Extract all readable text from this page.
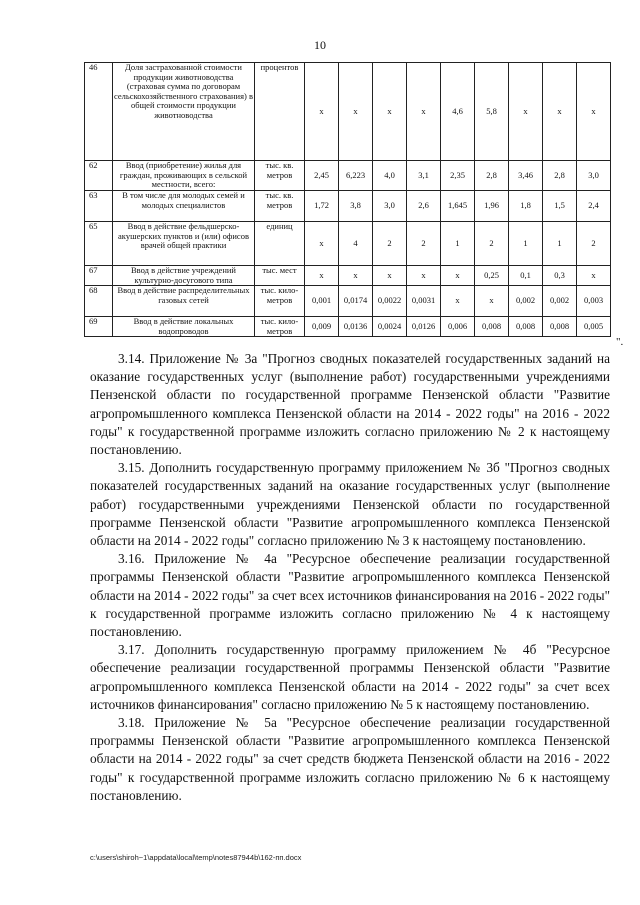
10
46	Доля застрахованной стоимости продукции животноводства (страховая сумма по договорам сельскохозяйственного страхования) в общей стоимости продукции животноводства	процентов	х	х	х	х	4,6	5,8	х	х	х
62	Ввод (приобретение) жилья для граждан, проживающих в сельской местности, всего:	тыс. кв. метров	2,45	6,223	4,0	3,1	2,35	2,8	3,46	2,8	3,0
63	В том числе для молодых семей и молодых специалистов	тыс. кв. метров	1,72	3,8	3,0	2,6	1,645	1,96	1,8	1,5	2,4
65	Ввод в действие фельдшерско-акушерских пунктов и (или) офисов врачей общей практики	единиц	х	4	2	2	1	2	1	1	2
67	Ввод в действие учреждений культурно-досугового типа	тыс. мест	х	х	х	х	х	0,25	0,1	0,3	х
68	Ввод в действие распределительных газовых сетей	тыс. кило-метров	0,001	0,0174	0,0022	0,0031	х	х	0,002	0,002	0,003
69	Ввод в действие локальных водопроводов	тыс. кило-метров	0,009	0,0136	0,0024	0,0126	0,006	0,008	0,008	0,008	0,005
".

3.14. Приложение № 3а "Прогноз сводных показателей государственных заданий на оказание государственных услуг (выполнение работ) государственными учреждениями Пензенской области по государственной программе Пензенской области "Развитие агропромышленного комплекса Пензенской области на 2014 - 2022 годы" на 2016 - 2022 годы" к государственной программе изложить согласно приложению № 2 к настоящему постановлению.

3.15. Дополнить государственную программу приложением № 3б "Прогноз сводных показателей государственных заданий на оказание государственных услуг (выполнение работ) государственными учреждениями Пензенской области по государственной программе Пензенской области "Развитие агропромышленного комплекса Пензенской области на 2014 - 2022 годы" согласно приложению № 3 к настоящему постановлению.

3.16. Приложение № 4а "Ресурсное обеспечение реализации государственной программы Пензенской области "Развитие агропромышленного комплекса Пензенской области на 2014 - 2022 годы" за счет всех источников финансирования на 2016 - 2022 годы" к государственной программе изложить согласно приложению № 4 к настоящему постановлению.

3.17. Дополнить государственную программу приложением № 4б "Ресурсное обеспечение реализации государственной программы Пензенской области "Развитие агропромышленного комплекса Пензенской области на 2014 - 2022 годы" за счет всех источников финансирования" согласно приложению № 5 к настоящему постановлению.

3.18. Приложение № 5а "Ресурсное обеспечение реализации государственной программы Пензенской области "Развитие агропромышленного комплекса Пензенской области на 2014 - 2022 годы" за счет средств бюджета Пензенской области на 2016 - 2022 годы" к государственной программе изложить согласно приложению № 6 к настоящему постановлению.

c:\users\shiroh~1\appdata\local\temp\notes87944b\162-пп.docx
